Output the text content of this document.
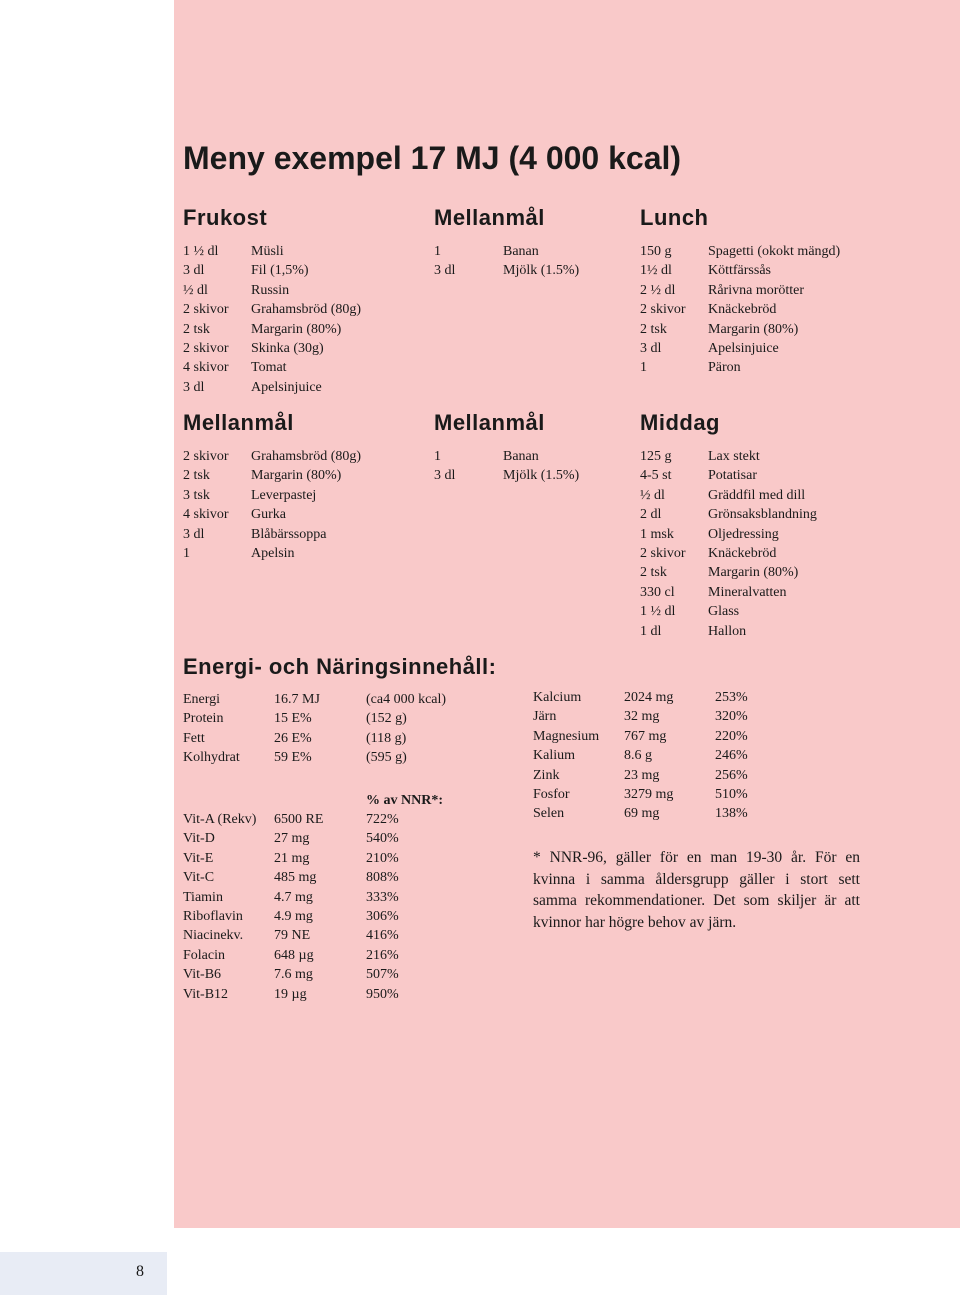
8
Meny exempel 17 MJ (4 000 kcal)
Frukost
1 ½ dl Müsli
3 dl	Fil (1,5%)
½ dl	Russin
2 skivor Grahamsbröd (80g)
2 tsk	Margarin (80%)
2 skivor Skinka (30g)
4 skivor Tomat
3 dl	Apelsinjuice
Mellanmål
1	Banan
3 dl	Mjölk (1.5%)
Lunch
150 g	Spagetti (okokt mängd)
1½ dl	Köttfärssås
2 ½ dl Rårivna morötter
2 skivor Knäckebröd
2 tsk	Margarin (80%)
3 dl	Apelsinjuice
1	Päron
Mellanmål
2 skivor Grahamsbröd (80g)
2 tsk	Margarin (80%)
3 tsk	Leverpastej
4 skivor Gurka
3 dl	Blåbärssoppa
1	Apelsin
Mellanmål
1	Banan
3 dl	Mjölk (1.5%)
Middag
125 g	Lax stekt
4-5 st	Potatisar
½ dl	Gräddfil med dill
2 dl	Grönsaksblandning
1 msk Oljedressing
2 skivor Knäckebröd
2 tsk	Margarin (80%)
330 cl Mineralvatten
1 ½ dl Glass
1 dl	Hallon
Energi- och Näringsinnehåll:
Energi	16.7 MJ	(ca4 000 kcal)
Protein	15 E%	(152 g)
Fett	26 E%	(118 g)
Kolhydrat 59 E%	(595 g)
% av NNR*:
Vit-A (Rekv) 6500 RE	722%
Vit-D	27 mg	540%
Vit-E	21 mg	210%
Vit-C	485 mg	808%
Tiamin	4.7 mg	333%
Riboflavin 4.9 mg	306%
Niacinekv. 79 NE	416%
Folacin	648 µg	216%
Vit-B6	7.6 mg	507%
Vit-B12	19 µg	950%
Kalcium	2024 mg	253%
Järn	32 mg	320%
Magnesium 767 mg	220%
Kalium	8.6 g	246%
Zink	23 mg	256%
Fosfor	3279 mg	510%
Selen	69 mg	138%
* NNR-96, gäller för en man 19-30 år. För en kvinna i samma åldersgrupp gäller i stort sett samma rekommendationer. Det som skiljer är att kvinnor har högre behov av järn.
